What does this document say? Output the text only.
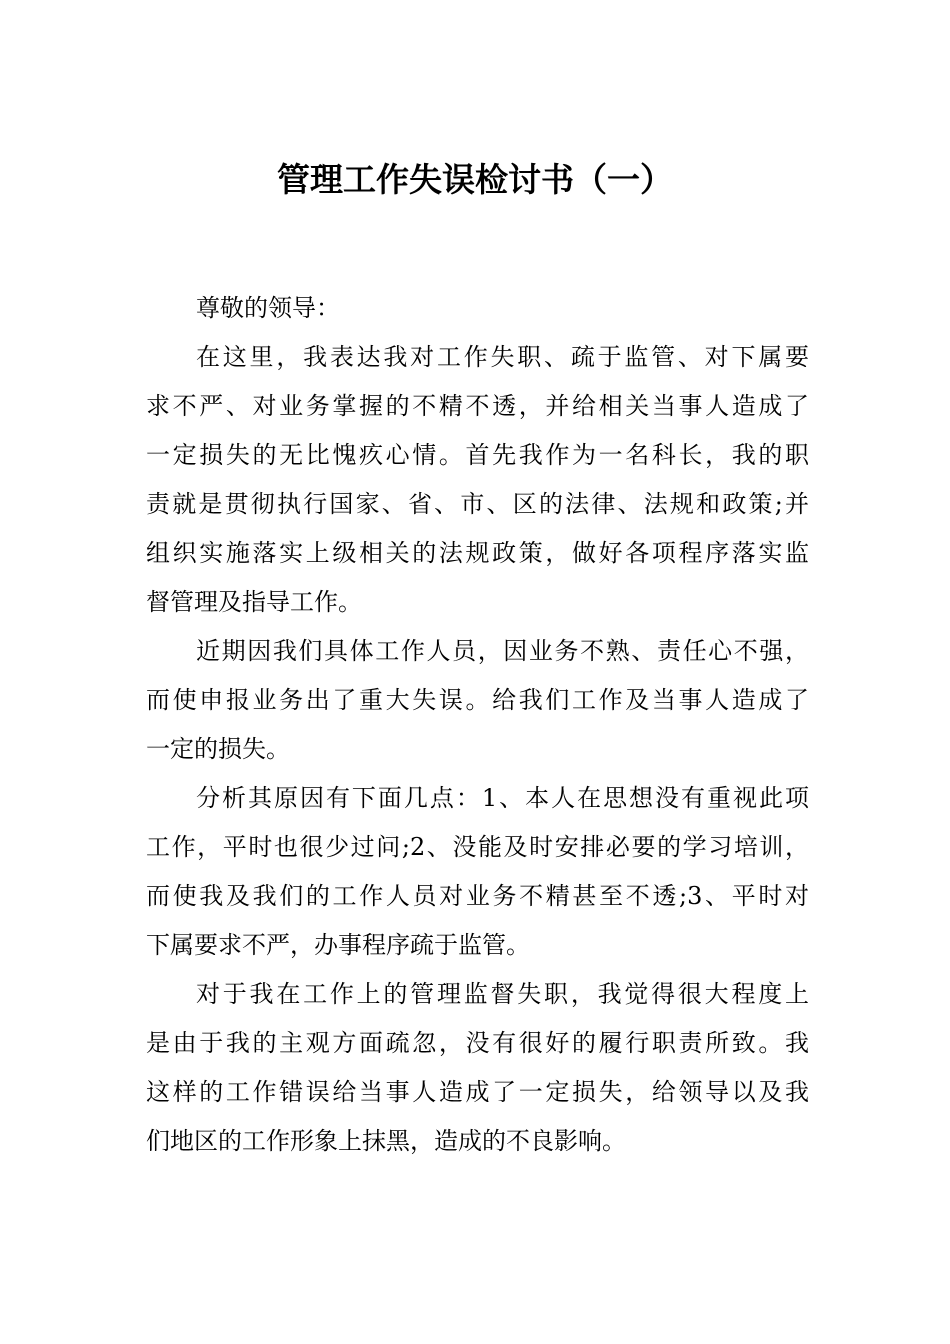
管理工作失误检讨书（一）
尊敬的领导：
在这里，我表达我对工作失职、疏于监管、对下属要
求不严、对业务掌握的不精不透，并给相关当事人造成了
一定损失的无比愧疚心情。首先我作为一名科长，我的职
责就是贯彻执行国家、省、市、区的法律、法规和政策;并
组织实施落实上级相关的法规政策，做好各项程序落实监
督管理及指导工作。
近期因我们具体工作人员，因业务不熟、责任心不强，
而使申报业务出了重大失误。给我们工作及当事人造成了
一定的损失。
分析其原因有下面几点：1、本人在思想没有重视此项
工作，平时也很少过问;2、没能及时安排必要的学习培训，
而使我及我们的工作人员对业务不精甚至不透;3、平时对
下属要求不严，办事程序疏于监管。
对于我在工作上的管理监督失职，我觉得很大程度上
是由于我的主观方面疏忽，没有很好的履行职责所致。我
这样的工作错误给当事人造成了一定损失，给领导以及我
们地区的工作形象上抹黑，造成的不良影响。
